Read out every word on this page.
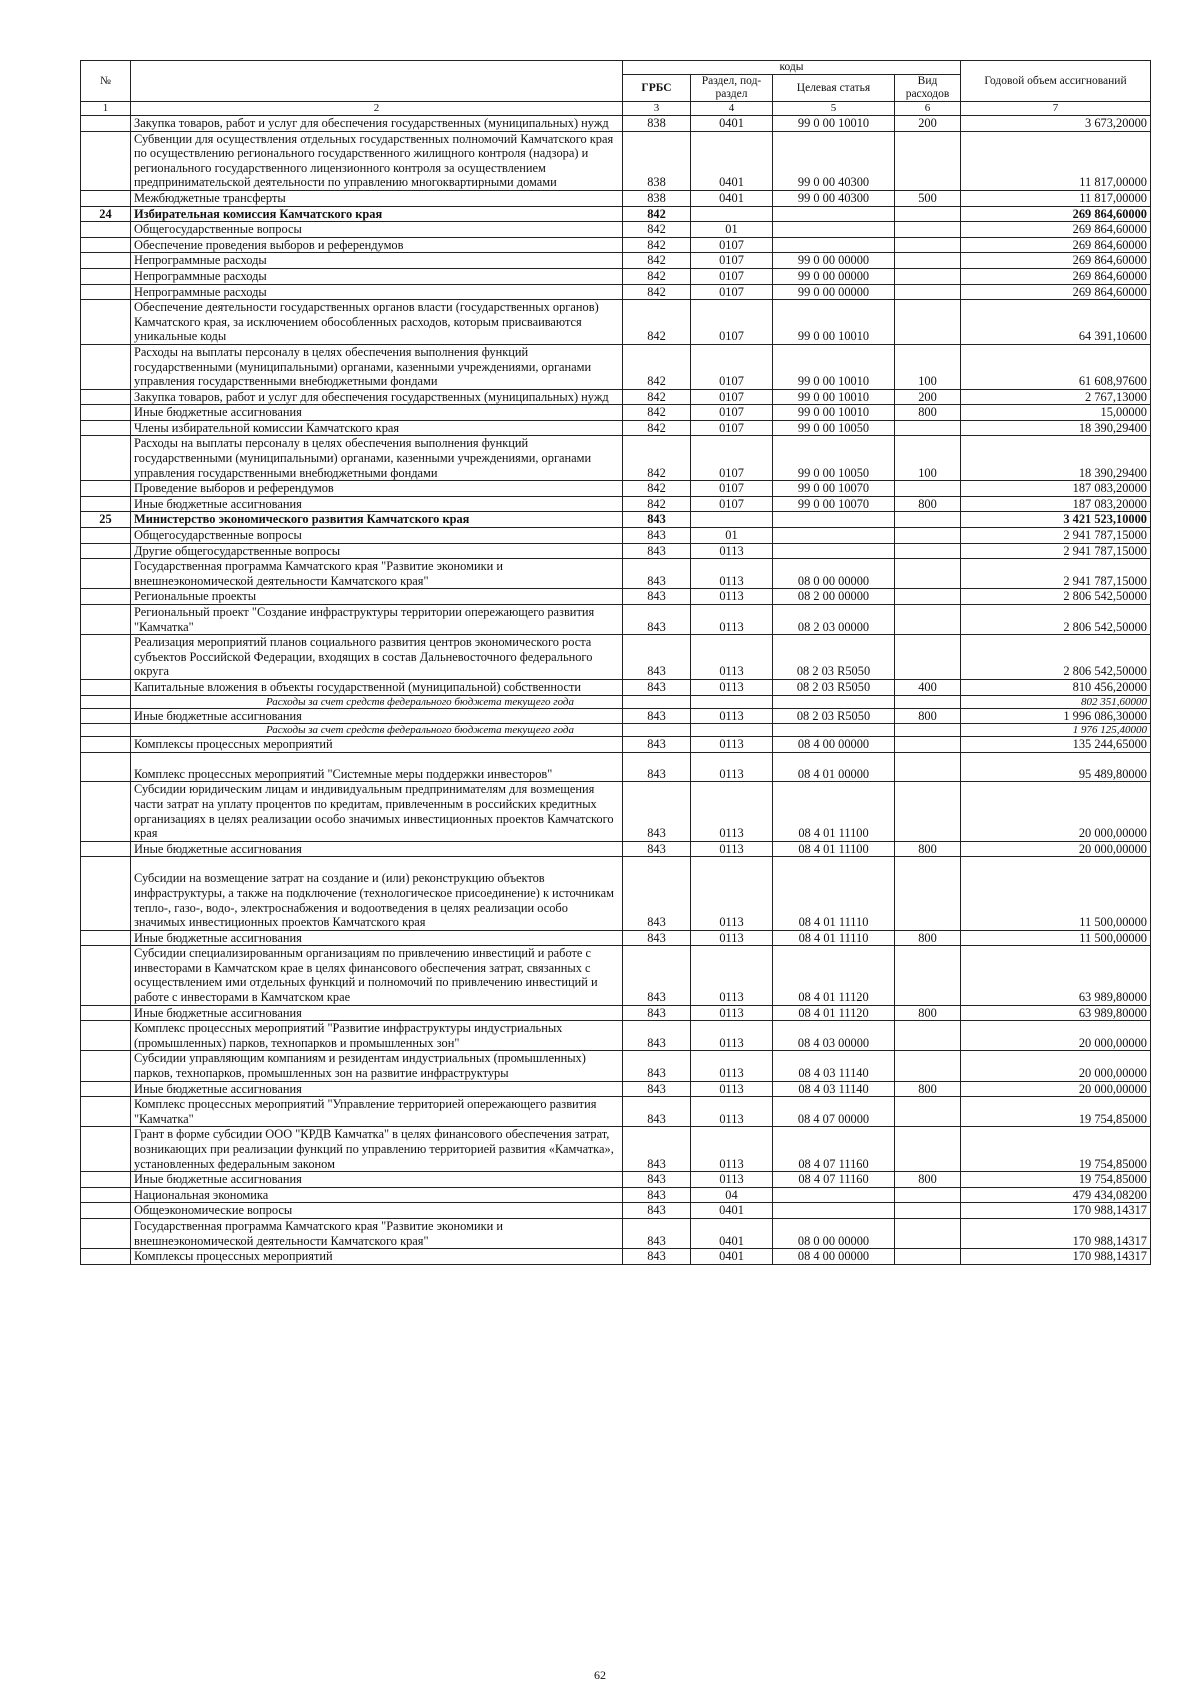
№		коды				Годовой объем ассигнований
		ГРБС	Раздел, под-раздел	Целевая статья	Вид расходов	
1	2	3	4	5	6	7
	Закупка товаров, работ и услуг для обеспечения государственных (муниципальных) нужд	838	0401	99 0 00 10010	200	3 673,20000
	Субвенции для осуществления отдельных государственных полномочий Камчатского края по осуществлению регионального государственного жилищного контроля (надзора) и регионального государственного лицензионного контроля за осуществлением предпринимательской деятельности по управлению многоквартирными домами	838	0401	99 0 00 40300		11 817,00000
	Межбюджетные трансферты	838	0401	99 0 00 40300	500	11 817,00000
24	Избирательная комиссия Камчатского края	842				269 864,60000
	Общегосударственные вопросы	842	01			269 864,60000
	Обеспечение проведения выборов и референдумов	842	0107			269 864,60000
	Непрограммные расходы	842	0107	99 0 00 00000		269 864,60000
	Непрограммные расходы	842	0107	99 0 00 00000		269 864,60000
	Непрограммные расходы	842	0107	99 0 00 00000		269 864,60000
	Обеспечение деятельности государственных органов власти (государственных органов) Камчатского края, за исключением обособленных расходов, которым присваиваются уникальные коды	842	0107	99 0 00 10010		64 391,10600
	Расходы на выплаты персоналу в целях обеспечения выполнения функций государственными (муниципальными) органами, казенными учреждениями, органами управления государственными внебюджетными фондами	842	0107	99 0 00 10010	100	61 608,97600
	Закупка товаров, работ и услуг для обеспечения государственных (муниципальных) нужд	842	0107	99 0 00 10010	200	2 767,13000
	Иные бюджетные ассигнования	842	0107	99 0 00 10010	800	15,00000
	Члены избирательной комиссии Камчатского края	842	0107	99 0 00 10050		18 390,29400
	Расходы на выплаты персоналу в целях обеспечения выполнения функций государственными (муниципальными) органами, казенными учреждениями, органами управления государственными внебюджетными фондами	842	0107	99 0 00 10050	100	18 390,29400
	Проведение выборов и референдумов	842	0107	99 0 00 10070		187 083,20000
	Иные бюджетные ассигнования	842	0107	99 0 00 10070	800	187 083,20000
25	Министерство экономического развития Камчатского края	843				3 421 523,10000
	Общегосударственные вопросы	843	01			2 941 787,15000
	Другие общегосударственные вопросы	843	0113			2 941 787,15000
	Государственная программа Камчатского края "Развитие экономики и внешнеэкономической деятельности Камчатского края"	843	0113	08 0 00 00000		2 941 787,15000
	Региональные проекты	843	0113	08 2 00 00000		2 806 542,50000
	Региональный проект "Создание инфраструктуры территории опережающего развития "Камчатка"	843	0113	08 2 03 00000		2 806 542,50000
	Реализация мероприятий планов социального развития центров экономического роста субъектов Российской Федерации, входящих в состав Дальневосточного федерального округа	843	0113	08 2 03 R5050		2 806 542,50000
	Капитальные вложения в объекты государственной (муниципальной) собственности	843	0113	08 2 03 R5050	400	810 456,20000
	Расходы за счет средств федерального бюджета текущего года					802 351,60000
	Иные бюджетные ассигнования	843	0113	08 2 03 R5050	800	1 996 086,30000
	Расходы за счет средств федерального бюджета текущего года					1 976 125,40000
	Комплексы процессных мероприятий	843	0113	08 4 00 00000		135 244,65000
	Комплекс процессных мероприятий "Системные меры поддержки инвесторов"	843	0113	08 4 01 00000		95 489,80000
	Субсидии юридическим лицам и индивидуальным предпринимателям для возмещения части затрат на уплату процентов по кредитам, привлеченным в российских кредитных организациях в целях реализации особо значимых инвестиционных проектов Камчатского края	843	0113	08 4 01 11100		20 000,00000
	Иные бюджетные ассигнования	843	0113	08 4 01 11100	800	20 000,00000
	Субсидии на возмещение затрат на создание и (или) реконструкцию объектов инфраструктуры, а также на подключение (технологическое присоединение) к источникам тепло-, газо-, водо-, электроснабжения и водоотведения в целях реализации особо значимых инвестиционных проектов Камчатского края	843	0113	08 4 01 11110		11 500,00000
	Иные бюджетные ассигнования	843	0113	08 4 01 11110	800	11 500,00000
	Субсидии специализированным организациям по привлечению инвестиций и работе с инвесторами в Камчатском крае в целях финансового обеспечения затрат, связанных с осуществлением ими отдельных функций и полномочий по привлечению инвестиций и работе с инвесторами в Камчатском крае	843	0113	08 4 01 11120		63 989,80000
	Иные бюджетные ассигнования	843	0113	08 4 01 11120	800	63 989,80000
	Комплекс процессных мероприятий "Развитие инфраструктуры индустриальных (промышленных) парков, технопарков и промышленных зон"	843	0113	08 4 03 00000		20 000,00000
	Субсидии управляющим компаниям и резидентам индустриальных (промышленных) парков, технопарков, промышленных зон на развитие инфраструктуры	843	0113	08 4 03 11140		20 000,00000
	Иные бюджетные ассигнования	843	0113	08 4 03 11140	800	20 000,00000
	Комплекс процессных мероприятий "Управление территорией опережающего развития "Камчатка"	843	0113	08 4 07 00000		19 754,85000
	Грант в форме субсидии ООО "КРДВ Камчатка" в целях финансового обеспечения затрат, возникающих при реализации функций по управлению территорией развития «Камчатка», установленных федеральным законом	843	0113	08 4 07 11160		19 754,85000
	Иные бюджетные ассигнования	843	0113	08 4 07 11160	800	19 754,85000
	Национальная экономика	843	04			479 434,08200
	Общеэкономические вопросы	843	0401			170 988,14317
	Государственная программа Камчатского края "Развитие экономики и внешнеэкономической деятельности Камчатского края"	843	0401	08 0 00 00000		170 988,14317
	Комплексы процессных мероприятий	843	0401	08 4 00 00000		170 988,14317
62
